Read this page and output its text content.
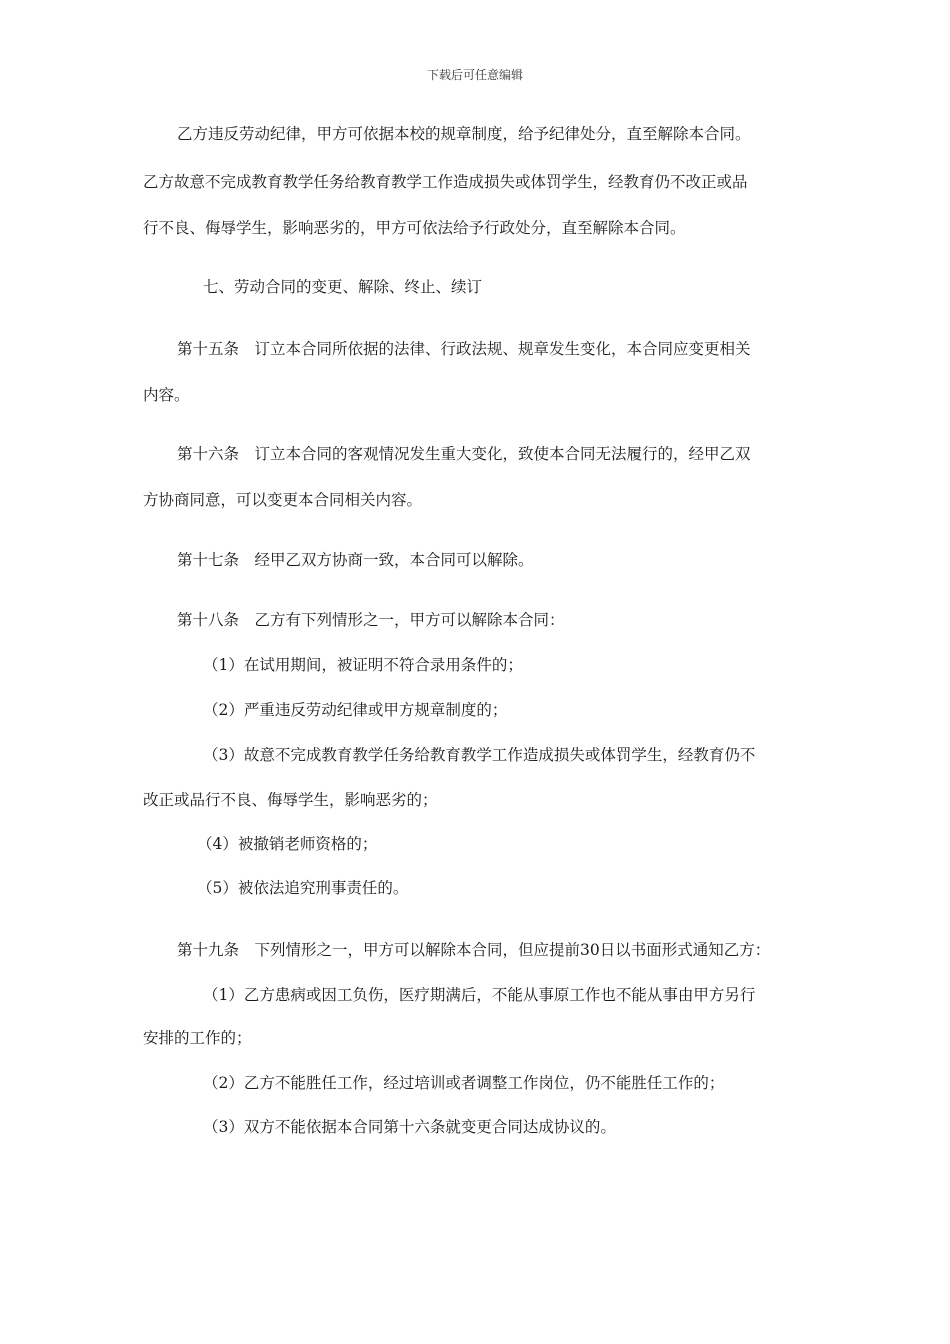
下载后可任意编辑
乙方违反劳动纪律，甲方可依据本校的规章制度，给予纪律处分，直至解除本合同。
乙方故意不完成教育教学任务给教育教学工作造成损失或体罚学生，经教育仍不改正或品
行不良、侮辱学生，影响恶劣的，甲方可依法给予行政处分，直至解除本合同。
七、劳动合同的变更、解除、终止、续订
第十五条　订立本合同所依据的法律、行政法规、规章发生变化，本合同应变更相关
内容。
第十六条　订立本合同的客观情况发生重大变化，致使本合同无法履行的，经甲乙双
方协商同意，可以变更本合同相关内容。
第十七条　经甲乙双方协商一致，本合同可以解除。
第十八条　乙方有下列情形之一，甲方可以解除本合同：
（1）在试用期间，被证明不符合录用条件的；
（2）严重违反劳动纪律或甲方规章制度的；
（3）故意不完成教育教学任务给教育教学工作造成损失或体罚学生，经教育仍不
改正或品行不良、侮辱学生，影响恶劣的；
（4）被撤销老师资格的；
（5）被依法追究刑事责任的。
第十九条　下列情形之一，甲方可以解除本合同，但应提前30日以书面形式通知乙方：
（1）乙方患病或因工负伤，医疗期满后，不能从事原工作也不能从事由甲方另行
安排的工作的；
（2）乙方不能胜任工作，经过培训或者调整工作岗位，仍不能胜任工作的；
（3）双方不能依据本合同第十六条就变更合同达成协议的。
